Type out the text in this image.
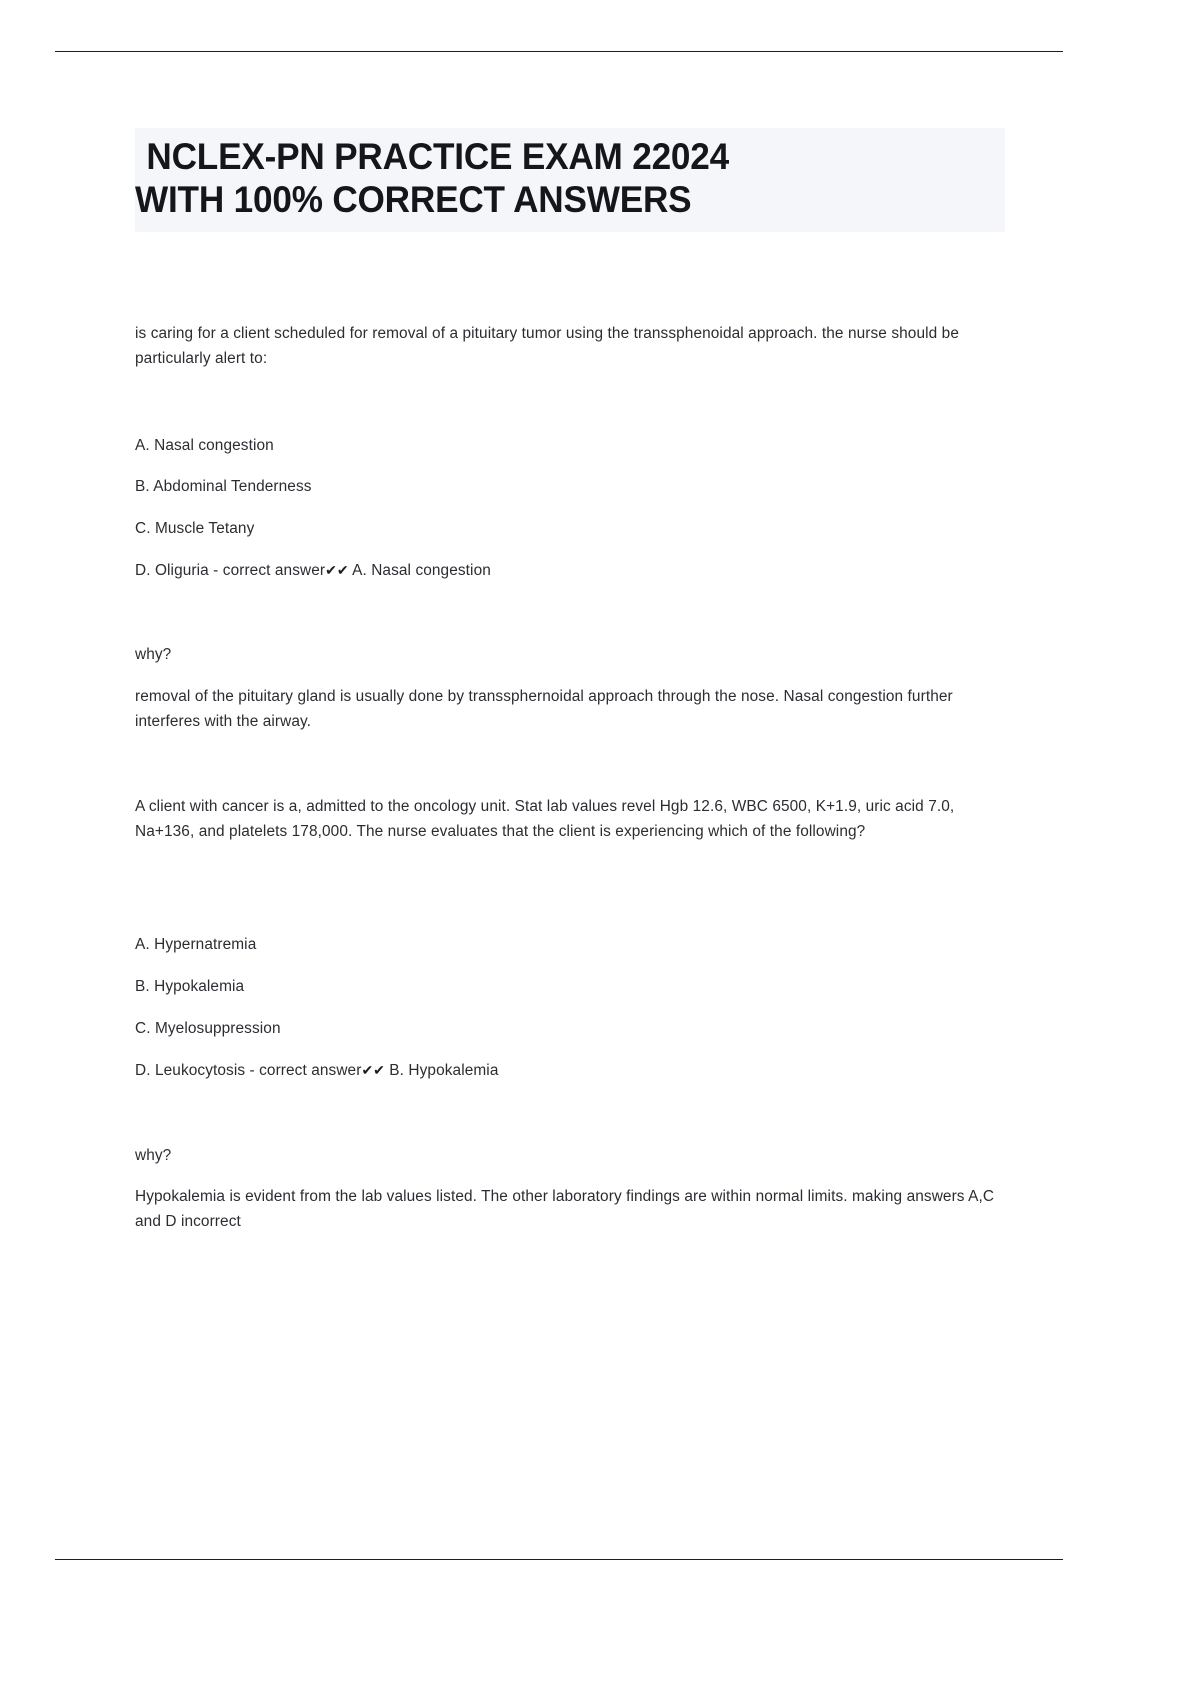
NCLEX-PN PRACTICE EXAM 22024
WITH 100% CORRECT ANSWERS

is caring for a client scheduled for removal of a pituitary tumor using the transsphenoidal approach. the nurse should be particularly alert to:

A. Nasal congestion
B. Abdominal Tenderness
C. Muscle Tetany
D. Oliguria - correct answer✔✔ A. Nasal congestion
why?

removal of the pituitary gland is usually done by transsphernoidal approach through the nose. Nasal congestion further interferes with the airway.

A client with cancer is a, admitted to the oncology unit. Stat lab values revel Hgb 12.6, WBC 6500, K+1.9, uric acid 7.0, Na+136, and platelets 178,000. The nurse evaluates that the client is experiencing which of the following?

A. Hypernatremia
B. Hypokalemia
C. Myelosuppression
D. Leukocytosis - correct answer✔✔ B. Hypokalemia
why?

Hypokalemia is evident from the lab values listed. The other laboratory findings are within normal limits. making answers A,C and D incorrect
